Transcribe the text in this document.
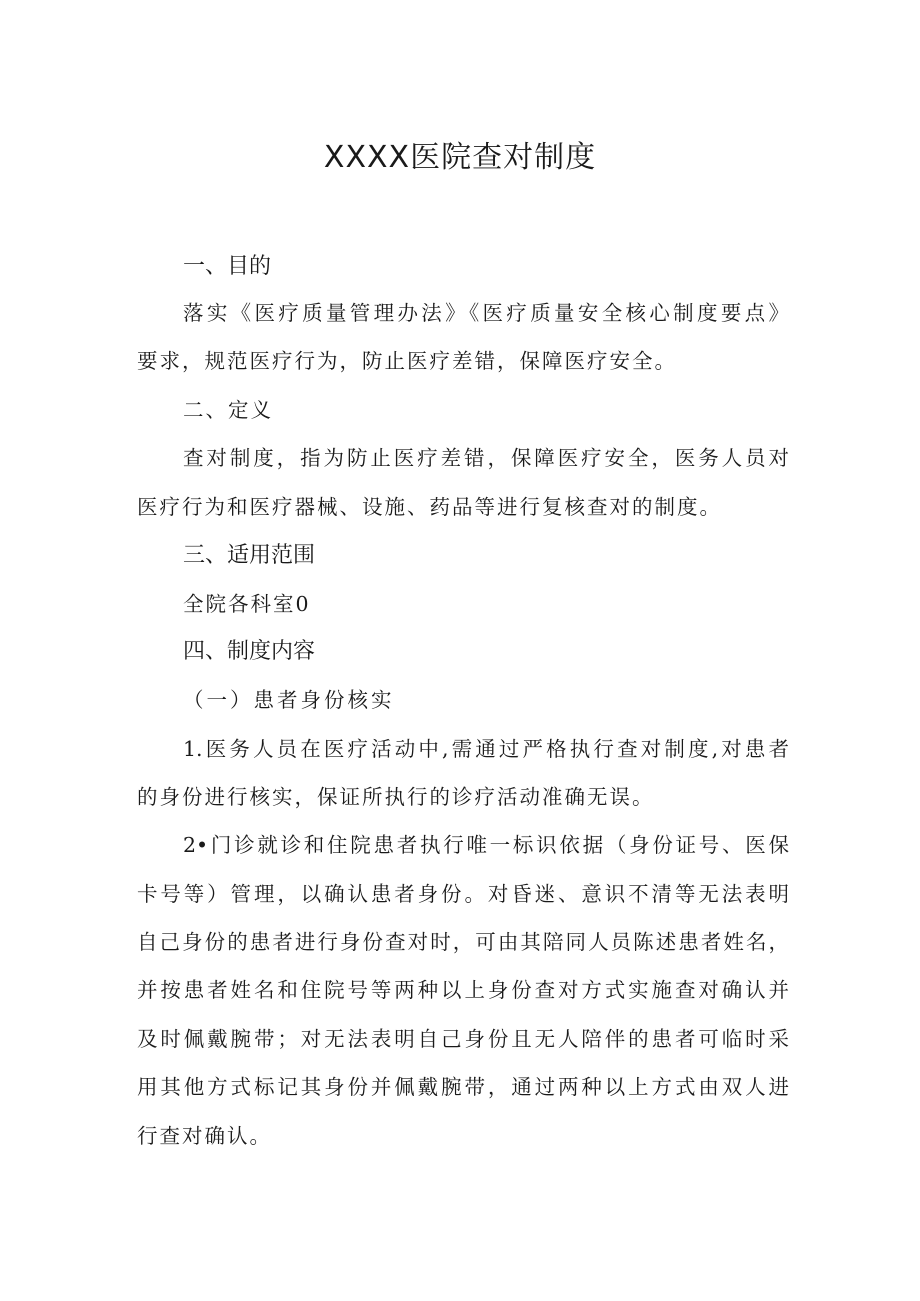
XXXX医院查对制度
一、目的
落实《医疗质量管理办法》《医疗质量安全核心制度要点》
要求，规范医疗行为，防止医疗差错，保障医疗安全。
二、定义
查对制度，指为防止医疗差错，保障医疗安全，医务人员对
医疗行为和医疗器械、设施、药品等进行复核查对的制度。
三、适用范围
全院各科室0
四、制度内容
（一）患者身份核实
1.医务人员在医疗活动中,需通过严格执行查对制度,对患者
的身份进行核实，保证所执行的诊疗活动准确无误。
2•门诊就诊和住院患者执行唯一标识依据（身份证号、医保
卡号等）管理，以确认患者身份。对昏迷、意识不清等无法表明
自己身份的患者进行身份查对时，可由其陪同人员陈述患者姓名，
并按患者姓名和住院号等两种以上身份查对方式实施查对确认并
及时佩戴腕带；对无法表明自己身份且无人陪伴的患者可临时采
用其他方式标记其身份并佩戴腕带，通过两种以上方式由双人进
行查对确认。
